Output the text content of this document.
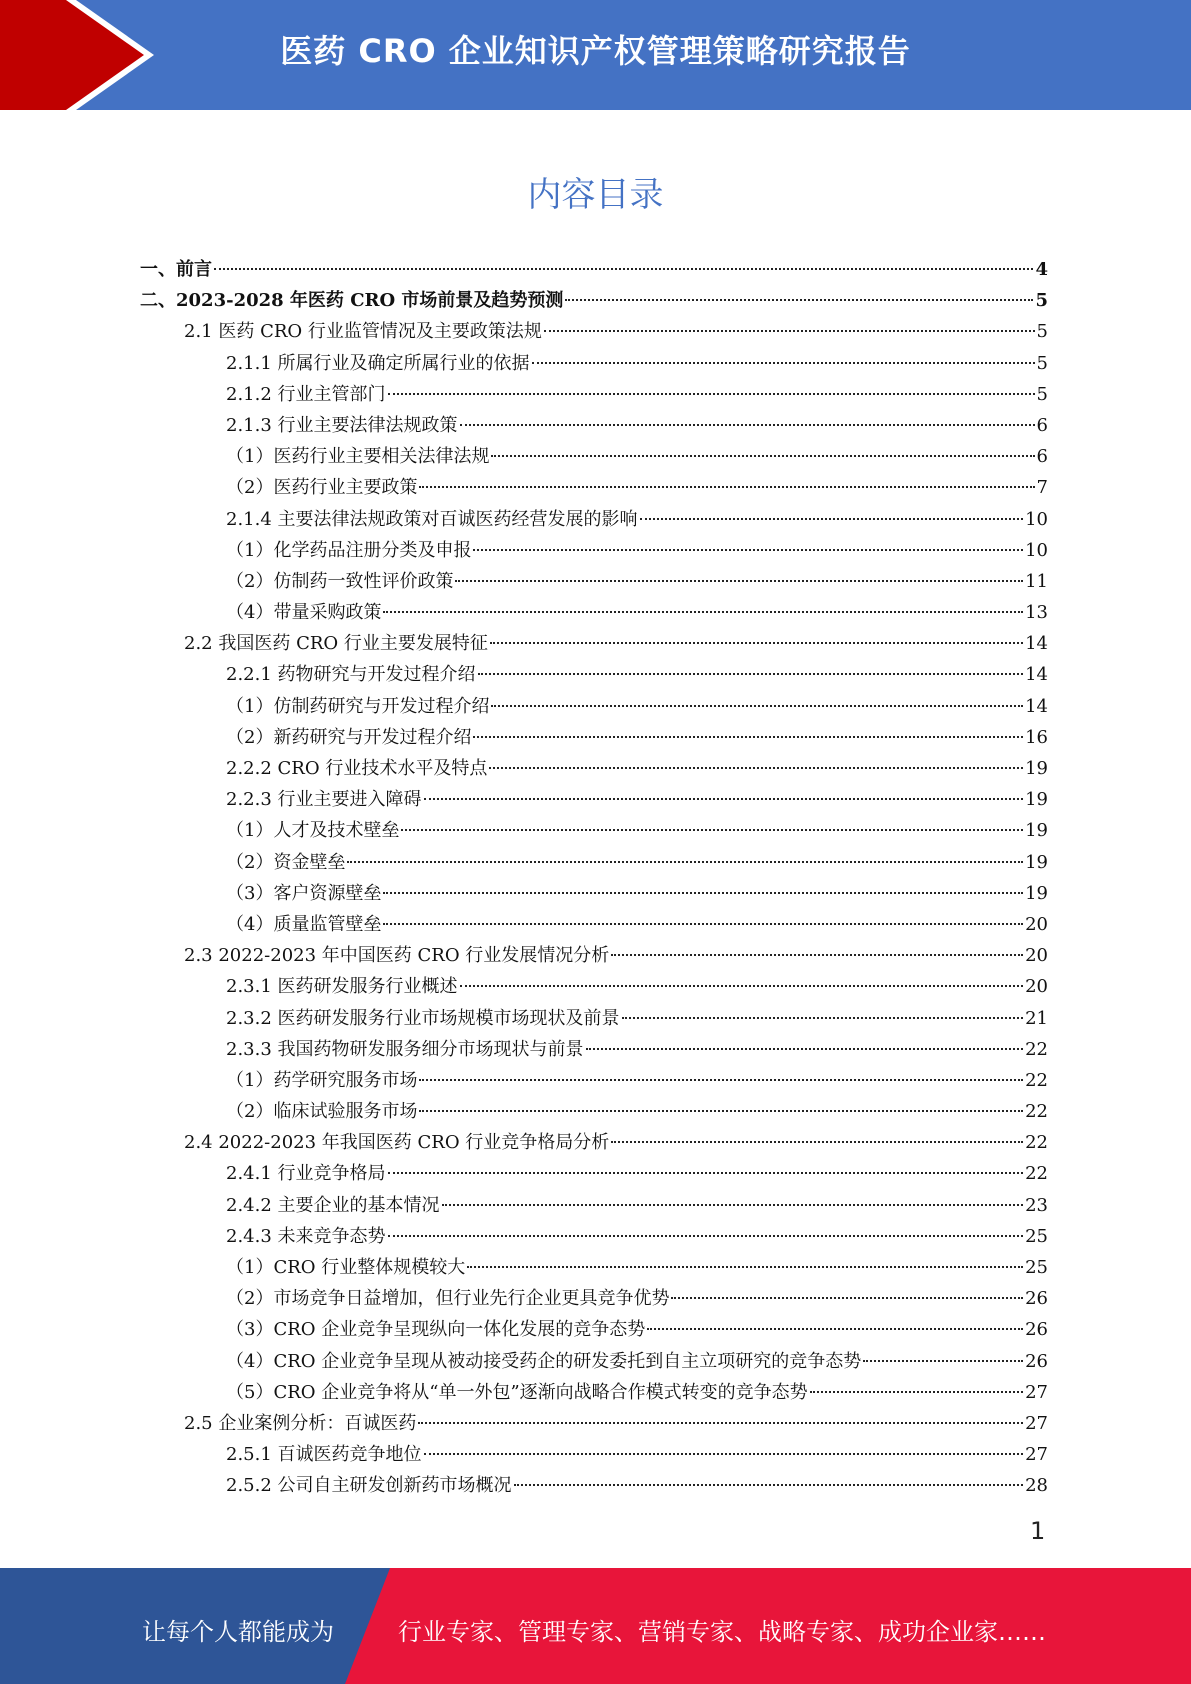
医药 CRO 企业知识产权管理策略研究报告
内容目录
一、前言	4
二、2023-2028 年医药 CRO 市场前景及趋势预测	5
2.1 医药 CRO 行业监管情况及主要政策法规	5
2.1.1 所属行业及确定所属行业的依据	5
2.1.2 行业主管部门	5
2.1.3 行业主要法律法规政策	6
（1）医药行业主要相关法律法规	6
（2）医药行业主要政策	7
2.1.4 主要法律法规政策对百诚医药经营发展的影响	10
（1）化学药品注册分类及申报	10
（2）仿制药一致性评价政策	11
（4）带量采购政策	13
2.2 我国医药 CRO 行业主要发展特征	14
2.2.1 药物研究与开发过程介绍	14
（1）仿制药研究与开发过程介绍	14
（2）新药研究与开发过程介绍	16
2.2.2 CRO 行业技术水平及特点	19
2.2.3 行业主要进入障碍	19
（1）人才及技术壁垒	19
（2）资金壁垒	19
（3）客户资源壁垒	19
（4）质量监管壁垒	20
2.3 2022-2023 年中国医药 CRO 行业发展情况分析	20
2.3.1 医药研发服务行业概述	20
2.3.2 医药研发服务行业市场规模市场现状及前景	21
2.3.3 我国药物研发服务细分市场现状与前景	22
（1）药学研究服务市场	22
（2）临床试验服务市场	22
2.4 2022-2023 年我国医药 CRO 行业竞争格局分析	22
2.4.1 行业竞争格局	22
2.4.2 主要企业的基本情况	23
2.4.3 未来竞争态势	25
（1）CRO 行业整体规模较大	25
（2）市场竞争日益增加，但行业先行企业更具竞争优势	26
（3）CRO 企业竞争呈现纵向一体化发展的竞争态势	26
（4）CRO 企业竞争呈现从被动接受药企的研发委托到自主立项研究的竞争态势	26
（5）CRO 企业竞争将从“单一外包”逐渐向战略合作模式转变的竞争态势	27
2.5 企业案例分析：百诚医药	27
2.5.1 百诚医药竞争地位	27
2.5.2 公司自主研发创新药市场概况	28
1
让每个人都能成为	行业专家、管理专家、营销专家、战略专家、成功企业家……
